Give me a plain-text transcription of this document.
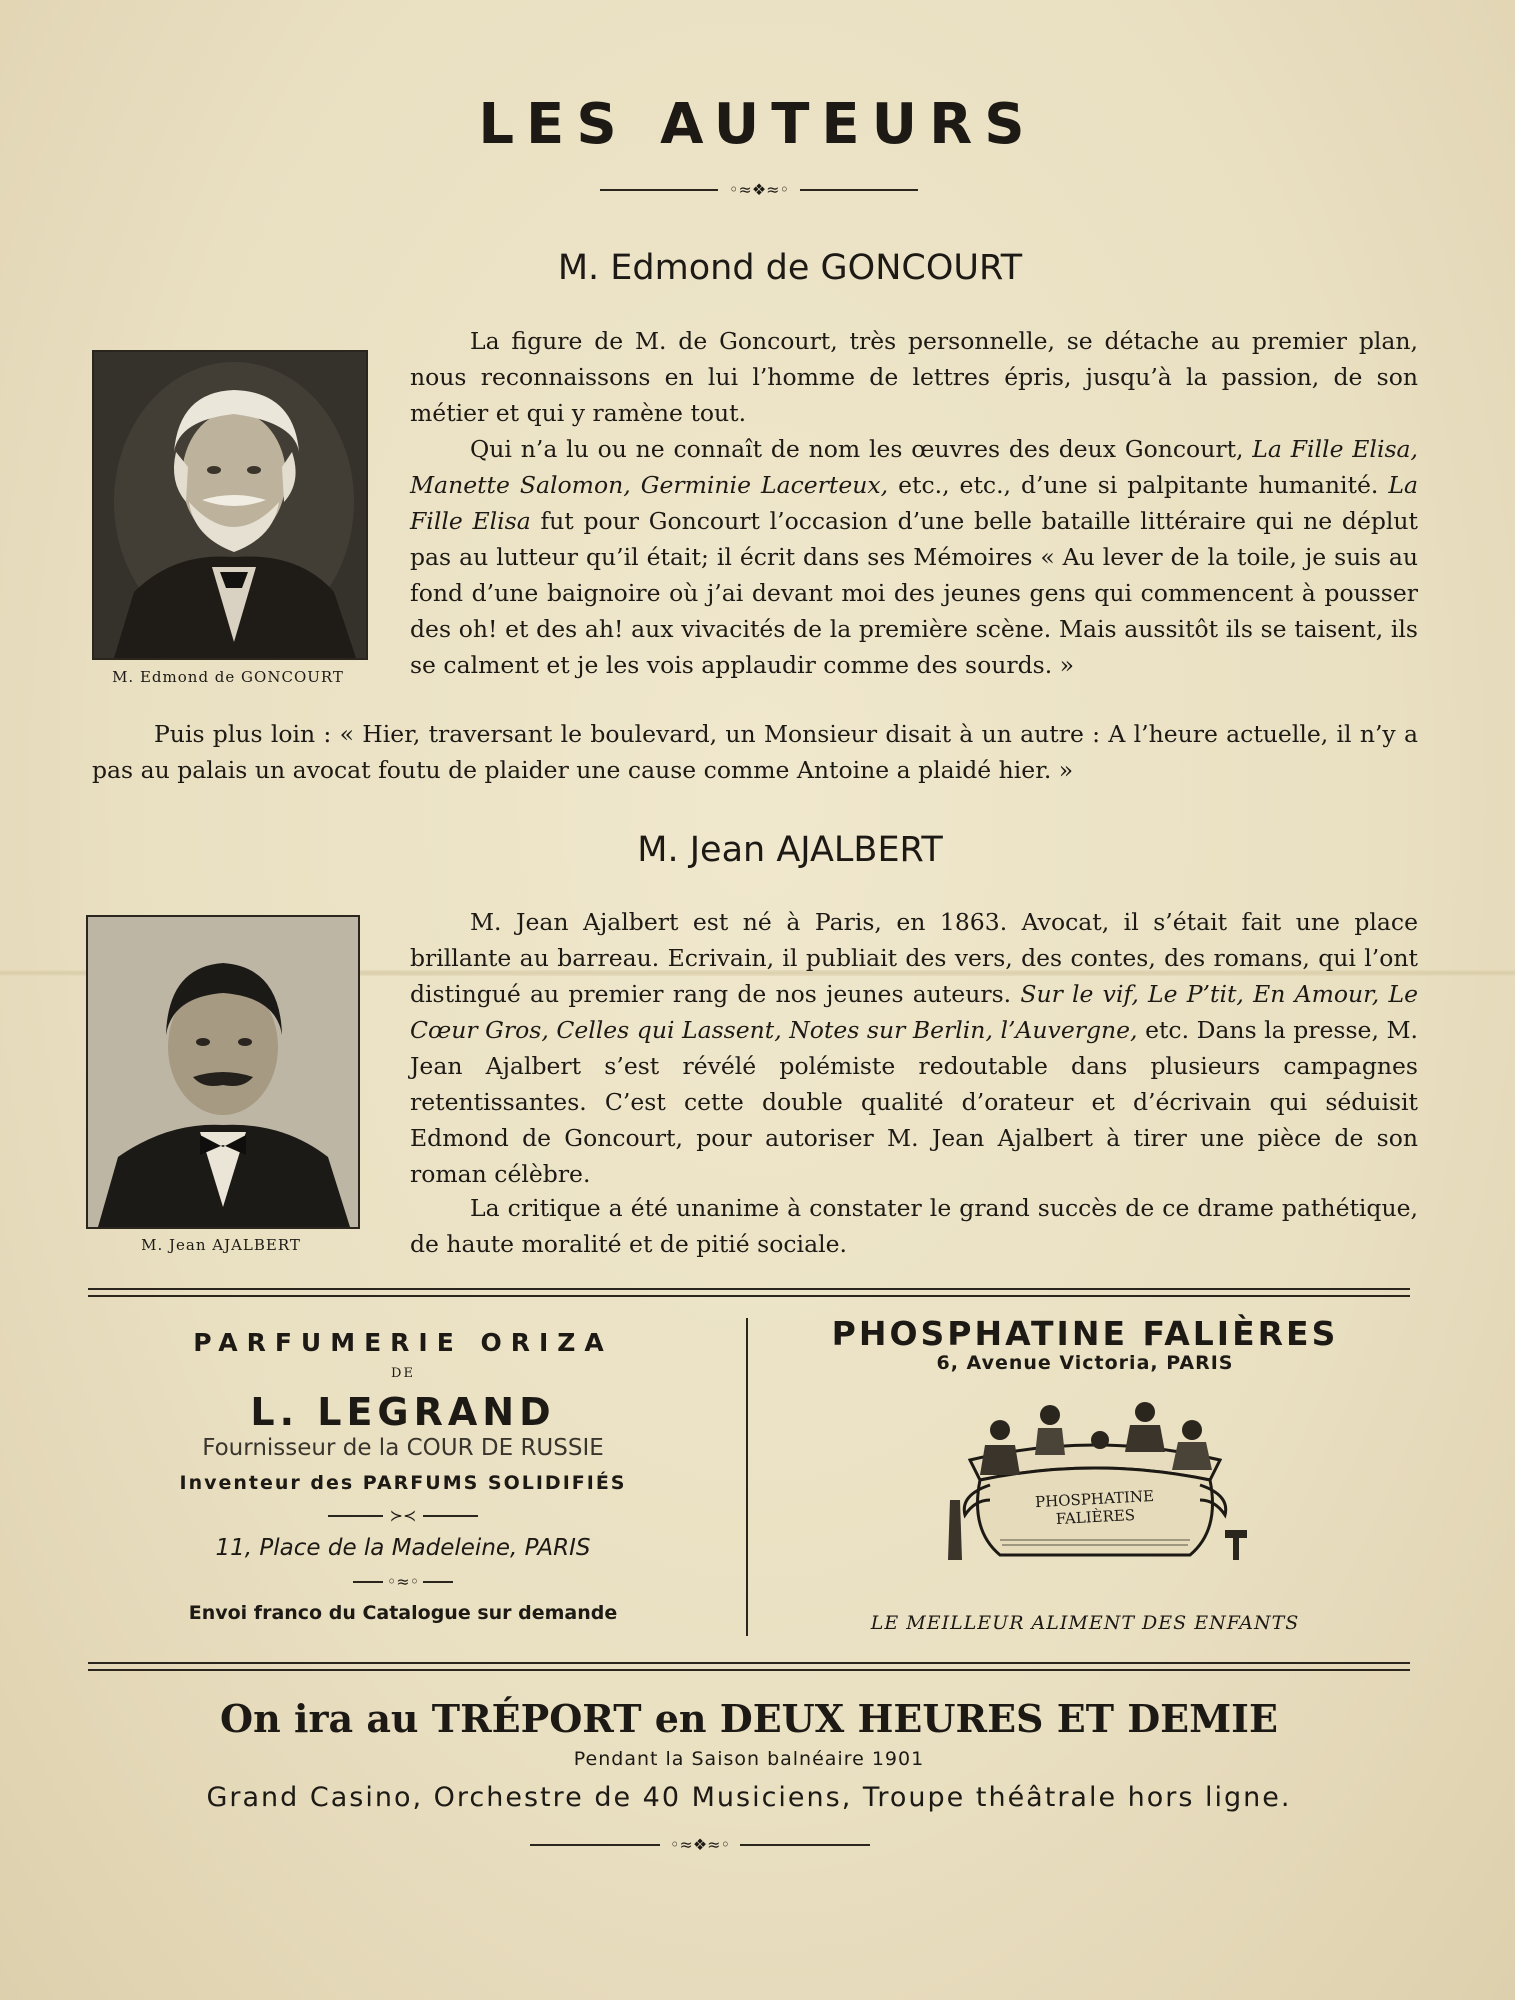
LES AUTEURS
◦≈❖≈◦
M. Edmond de GONCOURT
M. Edmond de GONCOURT

La figure de M. de Goncourt, très personnelle, se détache au premier plan, nous reconnaissons en lui l’homme de lettres épris, jusqu’à la passion, de son métier et qui y ramène tout.

Qui n’a lu ou ne connaît de nom les œuvres des deux Goncourt, La Fille Elisa, Manette Salomon, Germinie Lacerteux, etc., etc., d’une si palpitante humanité. La Fille Elisa fut pour Goncourt l’occasion d’une belle bataille littéraire qui ne déplut pas au lutteur qu’il était; il écrit dans ses Mémoires « Au lever de la toile, je suis au fond d’une baignoire où j’ai devant moi des jeunes gens qui commencent à pousser des oh! et des ah! aux vivacités de la première scène. Mais aussitôt ils se taisent, ils se calment et je les vois applaudir comme des sourds. »

Puis plus loin : « Hier, traversant le boulevard, un Monsieur disait à un autre : A l’heure actuelle, il n’y a pas au palais un avocat foutu de plaider une cause comme Antoine a plaidé hier. »

M. Jean AJALBERT
M. Jean AJALBERT

M. Jean Ajalbert est né à Paris, en 1863. Avocat, il s’était fait une place brillante au barreau. Ecrivain, il publiait des vers, des contes, des romans, qui l’ont distingué au premier rang de nos jeunes auteurs. Sur le vif, Le P’tit, En Amour, Le Cœur Gros, Celles qui Lassent, Notes sur Berlin, l’Auvergne, etc. Dans la presse, M. Jean Ajalbert s’est révélé polémiste redoutable dans plusieurs campagnes retentissantes. C’est cette double qualité d’orateur et d’écrivain qui séduisit Edmond de Goncourt, pour autoriser M. Jean Ajalbert à tirer une pièce de son roman célèbre.

La critique a été unanime à constater le grand succès de ce drame pathétique, de haute moralité et de pitié sociale.

PARFUMERIE ORIZA
DE
L. LEGRAND
Fournisseur de la COUR DE RUSSIE
Inventeur des PARFUMS SOLIDIFIÉS
≻≺
11, Place de la Madeleine, PARIS
◦≈◦
Envoi franco du Catalogue sur demande
PHOSPHATINE FALIÈRES
6, Avenue Victoria, PARIS
PHOSPHATINE FALIÈRES
LE MEILLEUR ALIMENT DES ENFANTS
On ira au TRÉPORT en DEUX HEURES ET DEMIE
Pendant la Saison balnéaire 1901
Grand Casino, Orchestre de 40 Musiciens, Troupe théâtrale hors ligne.
◦≈❖≈◦
